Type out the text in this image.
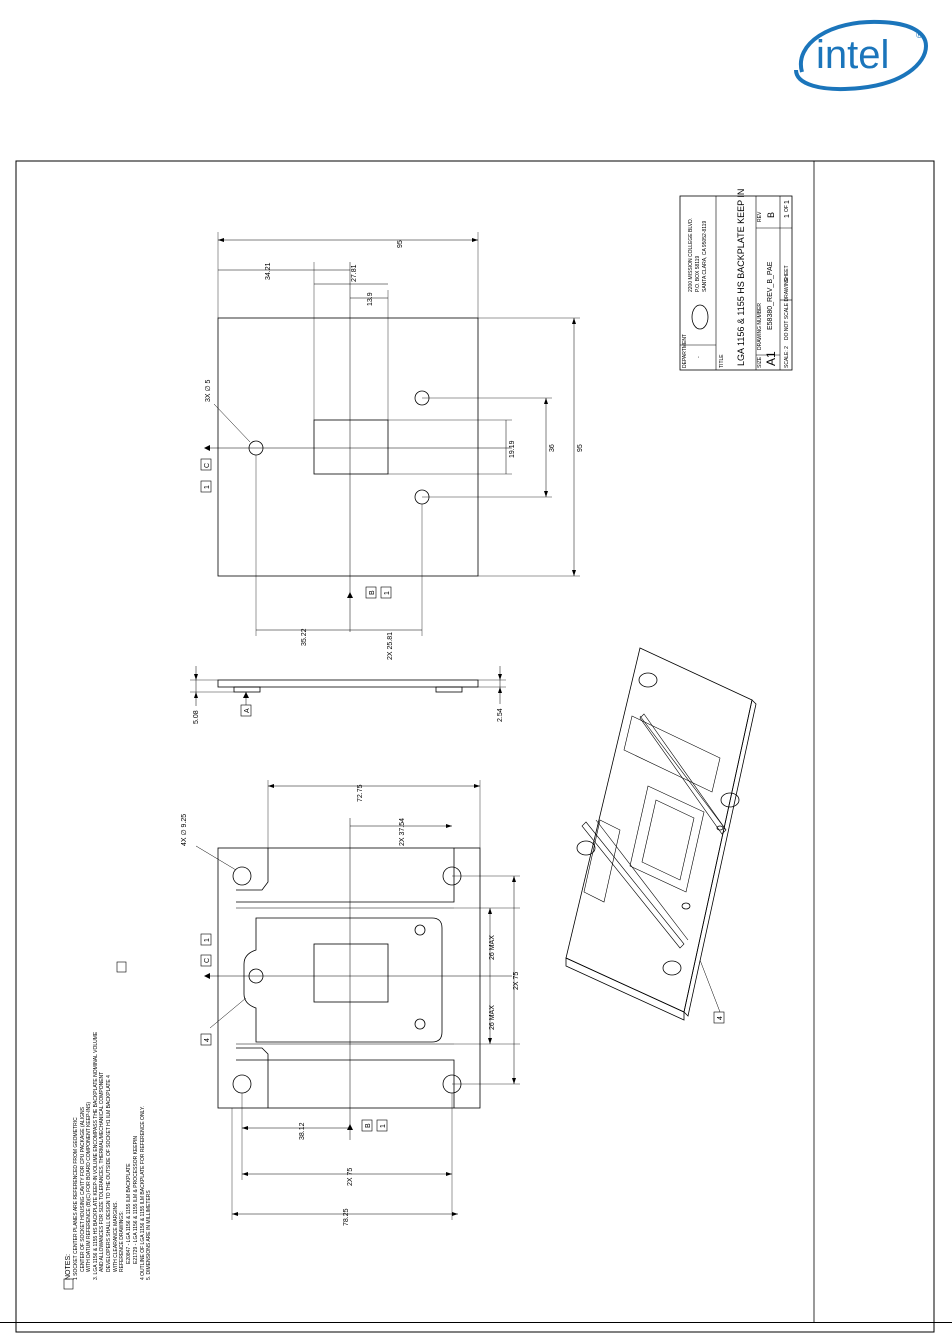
intel	®
DEPARTMENT -
2200 MISSION COLLEGE BLVD. P.O. BOX 58119 SANTA CLARA, CA 95052-8119
TITLE LGA 1156 & 1155 HS BACKPLATE KEEP IN SIZE A1
DRAWING NUMBER E58380_REV_B_PAE
REV B
SCALE: 2
DO NOT SCALE DRAWING
SHEET
1
OF
1
95
34.21	27.81
13.9
19.19	36	95
35.22	2X 25.81
3X ∅ 5
C
1
B 1
5.08	2.54
A
72.75
2X 37.54
4X ∅ 9.25
26 MAX
26 MAX
2X 75
38.12
2X 75
78.25
1
C
4
B 1
4
NOTES: 1 SOCKET CENTER PLANES ARE REFERENCED FROM GEOMETRIC CENTER OF SOCKET HOUSING CAVITY FOR CPU PACKAGE (ALIGNS WITH DATUM REFERENCE (B)(C) FOR BOARD COMPONENT KEEP-INS) 3. LGA 1156 & 1155 HS BACKPLATE KEEP-IN VOLUME ENCOMPASS THE BACKPLATE NOMINAL VOLUME AND ALLOWANCES FOR SIZE TOLERANCES, THERMAL/MECHANICAL COMPONENT DEVELOPERS SHALL DESIGN TO THE OUTSIDE OF SOCKET H1 ILM BACKPLATE 4 WITH CLEARANCE MARGINS. REFERENCE DRAWINGS: E20847 - LGA 1156 & 1155 ILM BACKPLATE E21729 - LGA 1156 & 1155 ILM & PROCESSOR KEEPIN 4 OUTLINE OF LGA 1156 & 1155 ILM BACKPLATE FOR REFERENCE ONLY. 5. DIMENSIONS ARE IN MILLIMETERS
